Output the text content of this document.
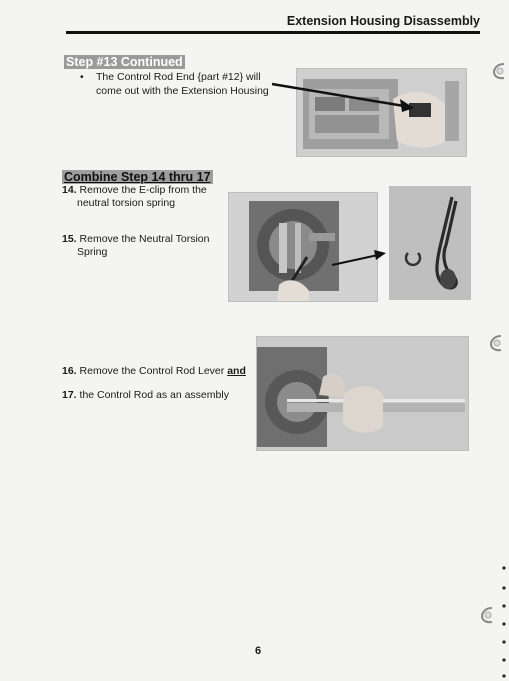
Extension Housing Disassembly
Step #13 Continued
• The Control Rod End {part #12} will come out with the Extension Housing
Combine Step 14 thru 17
14. Remove the E-clip from the
neutral torsion spring
15. Remove the Neutral Torsion
Spring
16. Remove the Control Rod Lever and
17. the Control Rod as an assembly
6
